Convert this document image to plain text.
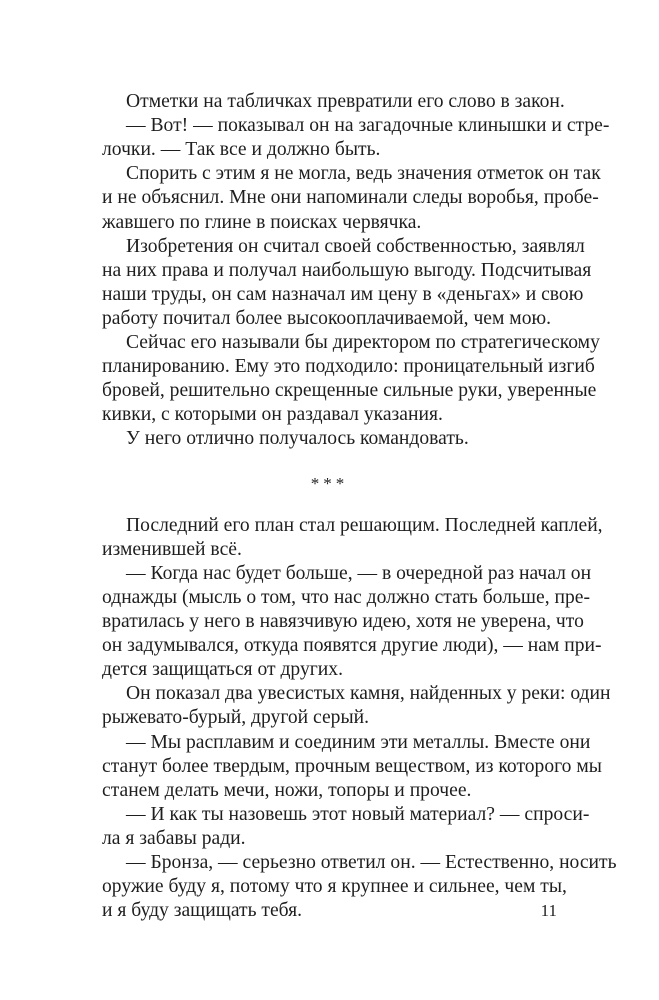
Отметки на табличках превратили его слово в закон.
— Вот! — показывал он на загадочные клинышки и стре-
лочки. — Так все и должно быть.
Спорить с этим я не могла, ведь значения отметок он так
и не объяснил. Мне они напоминали следы воробья, пробе-
жавшего по глине в поисках червячка.
Изобретения он считал своей собственностью, заявлял
на них права и получал наибольшую выгоду. Подсчитывая
наши труды, он сам назначал им цену в «деньгах» и свою
работу почитал более высокооплачиваемой, чем мою.
Сейчас его называли бы директором по стратегическому
планированию. Ему это подходило: проницательный изгиб
бровей, решительно скрещенные сильные руки, уверенные
кивки, с которыми он раздавал указания.
У него отлично получалось командовать.
Последний его план стал решающим. Последней каплей,
изменившей всё.
— Когда нас будет больше, — в очередной раз начал он
однажды (мысль о том, что нас должно стать больше, пре-
вратилась у него в навязчивую идею, хотя не уверена, что
он задумывался, откуда появятся другие люди), — нам при-
дется защищаться от других.
Он показал два увесистых камня, найденных у реки: один
рыжевато-бурый, другой серый.
— Мы расплавим и соединим эти металлы. Вместе они
станут более твердым, прочным веществом, из которого мы
станем делать мечи, ножи, топоры и прочее.
— И как ты назовешь этот новый материал? — спроси-
ла я забавы ради.
— Бронза, — серьезно ответил он. — Естественно, носить
оружие буду я, потому что я крупнее и сильнее, чем ты,
и я буду защищать тебя.
***
11
